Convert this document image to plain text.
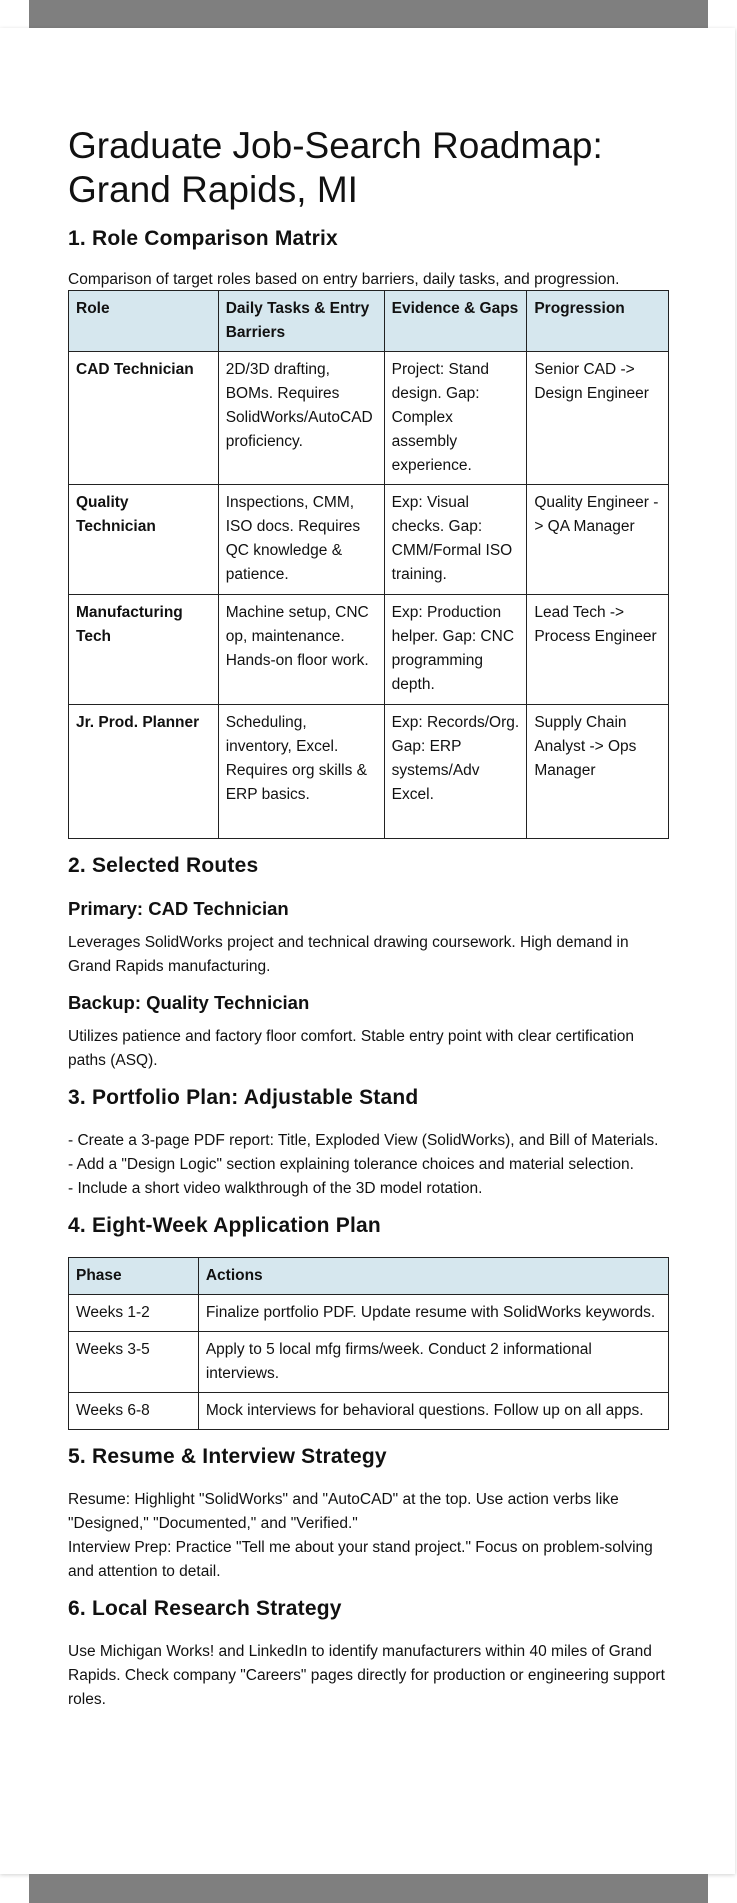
Graduate Job-Search Roadmap: Grand Rapids, MI
1. Role Comparison Matrix

Comparison of target roles based on entry barriers, daily tasks, and progression.

Role	Daily Tasks & Entry Barriers	Evidence & Gaps	Progression
CAD Technician	2D/3D drafting, BOMs. Requires SolidWorks/AutoCAD proficiency.	Project: Stand design. Gap: Complex assembly experience.	Senior CAD -> Design Engineer
Quality Technician	Inspections, CMM, ISO docs. Requires QC knowledge & patience.	Exp: Visual checks. Gap: CMM/Formal ISO training.	Quality Engineer -> QA Manager
Manufacturing Tech	Machine setup, CNC op, maintenance. Hands-on floor work.	Exp: Production helper. Gap: CNC programming depth.	Lead Tech -> Process Engineer
Jr. Prod. Planner	Scheduling, inventory, Excel. Requires org skills & ERP basics.	Exp: Records/Org. Gap: ERP systems/Adv Excel.	Supply Chain Analyst -> Ops Manager
2. Selected Routes
Primary: CAD Technician

Leverages SolidWorks project and technical drawing coursework. High demand in Grand Rapids manufacturing.

Backup: Quality Technician

Utilizes patience and factory floor comfort. Stable entry point with clear certification paths (ASQ).

3. Portfolio Plan: Adjustable Stand

- Create a 3-page PDF report: Title, Exploded View (SolidWorks), and Bill of Materials.

- Add a "Design Logic" section explaining tolerance choices and material selection.

- Include a short video walkthrough of the 3D model rotation.

4. Eight-Week Application Plan
Phase	Actions
Weeks 1-2	Finalize portfolio PDF. Update resume with SolidWorks keywords.
Weeks 3-5	Apply to 5 local mfg firms/week. Conduct 2 informational interviews.
Weeks 6-8	Mock interviews for behavioral questions. Follow up on all apps.
5. Resume & Interview Strategy

Resume: Highlight "SolidWorks" and "AutoCAD" at the top. Use action verbs like "Designed," "Documented," and "Verified."

Interview Prep: Practice "Tell me about your stand project." Focus on problem-solving and attention to detail.

6. Local Research Strategy

Use Michigan Works! and LinkedIn to identify manufacturers within 40 miles of Grand Rapids. Check company "Careers" pages directly for production or engineering support roles.
